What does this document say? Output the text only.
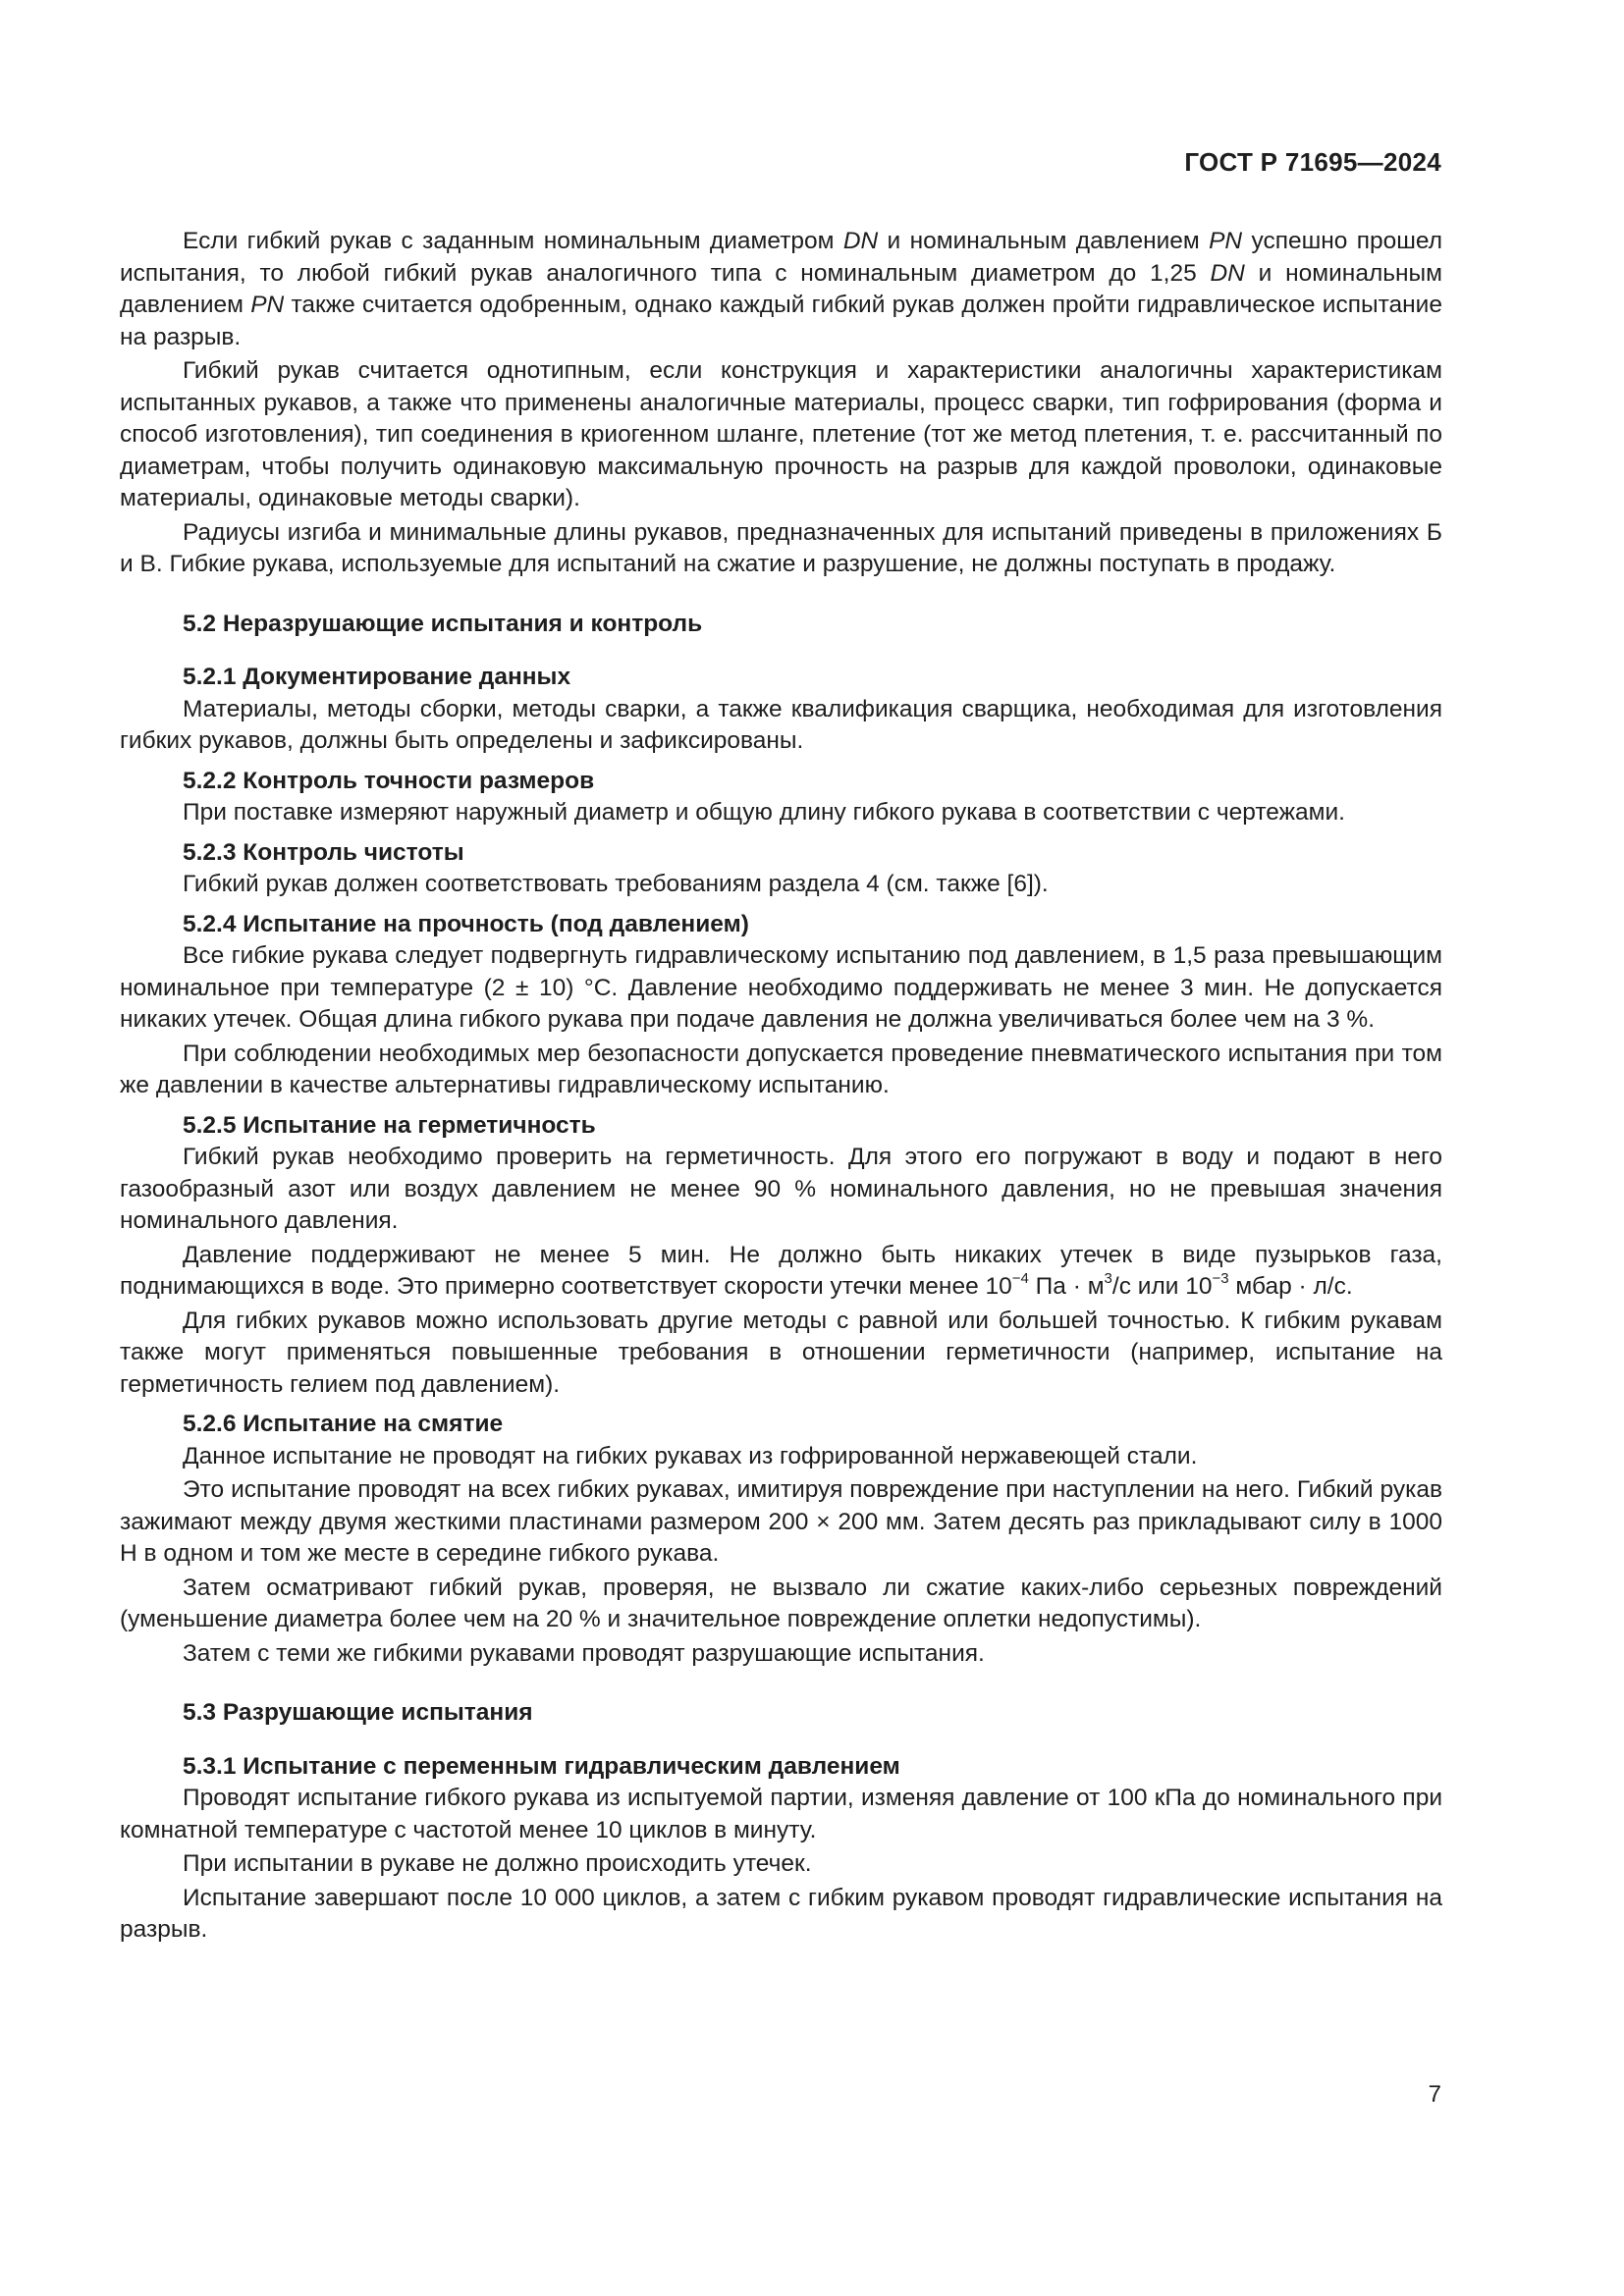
ГОСТ Р 71695—2024

Если гибкий рукав с заданным номинальным диаметром DN и номинальным давлением PN успешно прошел испытания, то любой гибкий рукав аналогичного типа с номинальным диаметром до 1,25 DN и номинальным давлением PN также считается одобренным, однако каждый гибкий рукав должен пройти гидравлическое испытание на разрыв.

Гибкий рукав считается однотипным, если конструкция и характеристики аналогичны характеристикам испытанных рукавов, а также что применены аналогичные материалы, процесс сварки, тип гофрирования (форма и способ изготовления), тип соединения в криогенном шланге, плетение (тот же метод плетения, т. е. рассчитанный по диаметрам, чтобы получить одинаковую максимальную прочность на разрыв для каждой проволоки, одинаковые материалы, одинаковые методы сварки).

Радиусы изгиба и минимальные длины рукавов, предназначенных для испытаний приведены в приложениях Б и В. Гибкие рукава, используемые для испытаний на сжатие и разрушение, не должны поступать в продажу.

5.2 Неразрушающие испытания и контроль
5.2.1 Документирование данных

Материалы, методы сборки, методы сварки, а также квалификация сварщика, необходимая для изготовления гибких рукавов, должны быть определены и зафиксированы.

5.2.2 Контроль точности размеров

При поставке измеряют наружный диаметр и общую длину гибкого рукава в соответствии с чертежами.

5.2.3 Контроль чистоты

Гибкий рукав должен соответствовать требованиям раздела 4 (см. также [6]).

5.2.4 Испытание на прочность (под давлением)

Все гибкие рукава следует подвергнуть гидравлическому испытанию под давлением, в 1,5 раза превышающим номинальное при температуре (2 ± 10) °С. Давление необходимо поддерживать не менее 3 мин. Не допускается никаких утечек. Общая длина гибкого рукава при подаче давления не должна увеличиваться более чем на 3 %.

При соблюдении необходимых мер безопасности допускается проведение пневматического испытания при том же давлении в качестве альтернативы гидравлическому испытанию.

5.2.5 Испытание на герметичность

Гибкий рукав необходимо проверить на герметичность. Для этого его погружают в воду и подают в него газообразный азот или воздух давлением не менее 90 % номинального давления, но не превышая значения номинального давления.

Давление поддерживают не менее 5 мин. Не должно быть никаких утечек в виде пузырьков газа, поднимающихся в воде. Это примерно соответствует скорости утечки менее $10^{-4}$ Па · $м^3/с$ или $10^{-3}$ мбар · л/с.

Для гибких рукавов можно использовать другие методы с равной или большей точностью. К гибким рукавам также могут применяться повышенные требования в отношении герметичности (например, испытание на герметичность гелием под давлением).

5.2.6 Испытание на смятие

Данное испытание не проводят на гибких рукавах из гофрированной нержавеющей стали.

Это испытание проводят на всех гибких рукавах, имитируя повреждение при наступлении на него. Гибкий рукав зажимают между двумя жесткими пластинами размером 200 × 200 мм. Затем десять раз прикладывают силу в 1000 Н в одном и том же месте в середине гибкого рукава.

Затем осматривают гибкий рукав, проверяя, не вызвало ли сжатие каких-либо серьезных повреждений (уменьшение диаметра более чем на 20 % и значительное повреждение оплетки недопустимы).

Затем с теми же гибкими рукавами проводят разрушающие испытания.

5.3 Разрушающие испытания
5.3.1 Испытание с переменным гидравлическим давлением

Проводят испытание гибкого рукава из испытуемой партии, изменяя давление от 100 кПа до номинального при комнатной температуре с частотой менее 10 циклов в минуту.

При испытании в рукаве не должно происходить утечек.

Испытание завершают после 10 000 циклов, а затем с гибким рукавом проводят гидравлические испытания на разрыв.

7
